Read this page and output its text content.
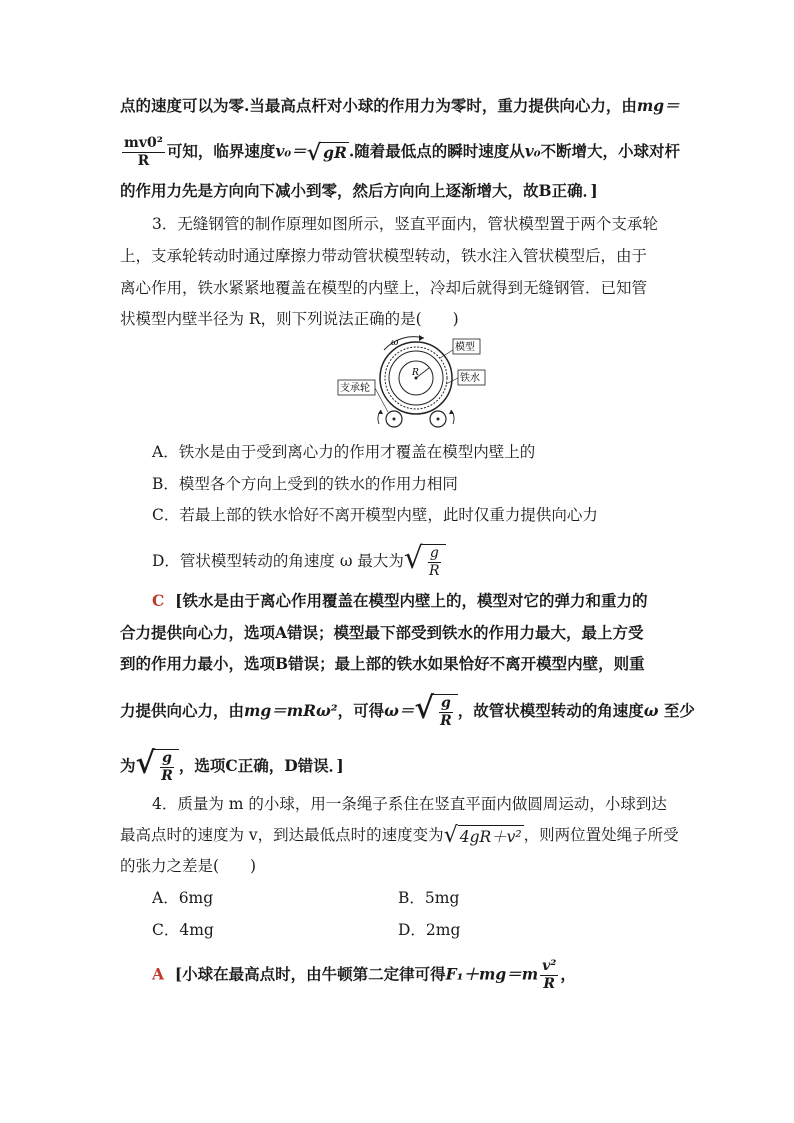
点的速度可以为零.当最高点杆对小球的作用力为零时，重力提供向心力，由mg＝
$\frac{\text{mv0²}}{R}$ 可知，临界速度v₀＝ √ gR .随着最低点的瞬时速度从v₀不断增大，小球对杆
的作用力先是方向向下减小到零，然后方向向上逐渐增大，故B正确．]
3．无缝钢管的制作原理如图所示，竖直平面内，管状模型置于两个支承轮
上，支承轮转动时通过摩擦力带动管状模型转动，铁水注入管状模型后，由于
离心作用，铁水紧紧地覆盖在模型的内壁上，冷却后就得到无缝钢管．已知管
状模型内壁半径为 R，则下列说法正确的是(　　)
R
ω	模型
铁水
支承轮
A．铁水是由于受到离心力的作用才覆盖在模型内壁上的
B．模型各个方向上受到的铁水的作用力相同
C．若最上部的铁水恰好不离开模型内壁，此时仅重力提供向心力
D．管状模型转动的角速度 ω 最大为 √ $\frac{g}{R}$
C [铁水是由于离心作用覆盖在模型内壁上的，模型对它的弹力和重力的
合力提供向心力，选项A错误；模型最下部受到铁水的作用力最大，最上方受
到的作用力最小，选项B错误；最上部的铁水如果恰好不离开模型内壁，则重
力提供向心力，由mg＝mRω²，可得ω＝ √ $\frac{g}{R}$ ，故管状模型转动的角速度ω 至少
为 √ $\frac{g}{R}$ ，选项C正确，D错误．]
4．质量为 m 的小球，用一条绳子系住在竖直平面内做圆周运动，小球到达
最高点时的速度为 v，到达最低点时的速度变为 √ 4gR＋v² ，则两位置处绳子所受
的张力之差是(　　)
A．6mg	B．5mg
C．4mg	D．2mg
A [小球在最高点时，由牛顿第二定律可得$F_1+mg=m \frac{\text{v²}}{R}$ ，
